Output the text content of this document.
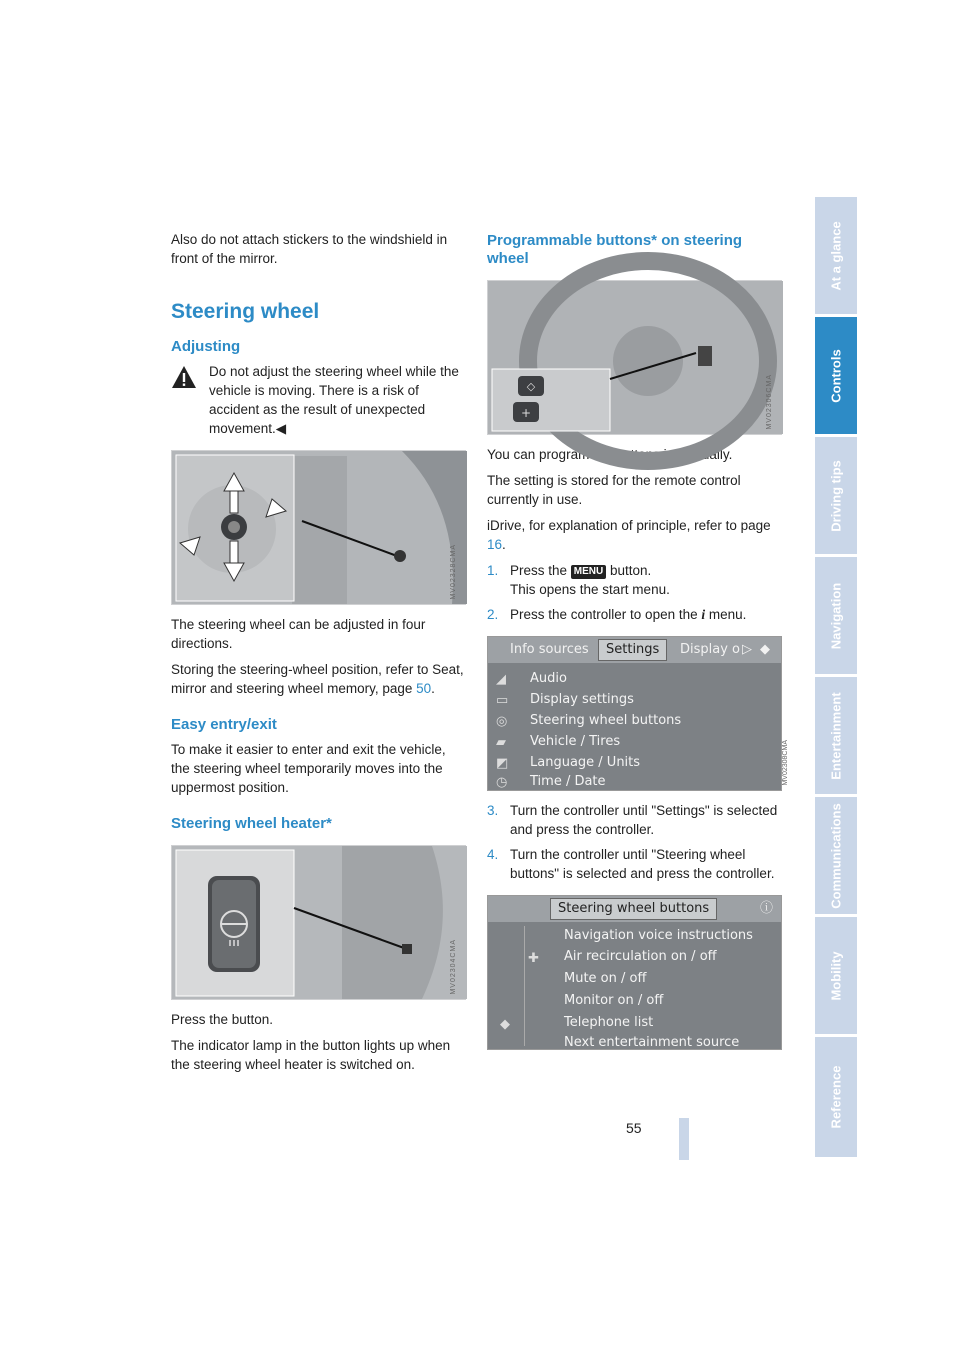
Also do not attach stickers to the windshield in front of the mirror.

Steering wheel
Adjusting

Do not adjust the steering wheel while the vehicle is moving. There is a risk of accident as the result of unexpected movement.◀

MV02328CMA

The steering wheel can be adjusted in four directions.

Storing the steering-wheel position, refer to Seat, mirror and steering wheel memory, page 50.

Easy entry/exit

To make it easier to enter and exit the vehicle, the steering wheel temporarily moves into the uppermost position.

Steering wheel heater*
MV02304CMA

Press the button.

The indicator lamp in the button lights up when the steering wheel heater is switched on.

Programmable buttons* on steering wheel
◇
+	MV02306CMA

You can program the buttons individually.

The setting is stored for the remote control currently in use.

iDrive, for explanation of principle, refer to page 16.

1. Press the MENU button.
This opens the start menu.
2. Press the controller to open the i menu.
Info sources	Settings	Display o ▷ ◆
◢ Audio
▭ Display settings
◎ Steering wheel buttons
▰ Vehicle / Tires
◩ Language / Units
◷ Time / Date	MV02308CMA
3. Turn the controller until "Settings" is selected and press the controller.
4. Turn the controller until "Steering wheel buttons" is selected and press the controller.
Steering wheel buttons	ⓘ
✚
◆
Navigation voice instructions
Air recirculation on / off
Mute on / off
Monitor on / off
Telephone list
Next entertainment source
At a glance
Controls
Driving tips
Navigation
Entertainment
Communications
Mobility
Reference
55
